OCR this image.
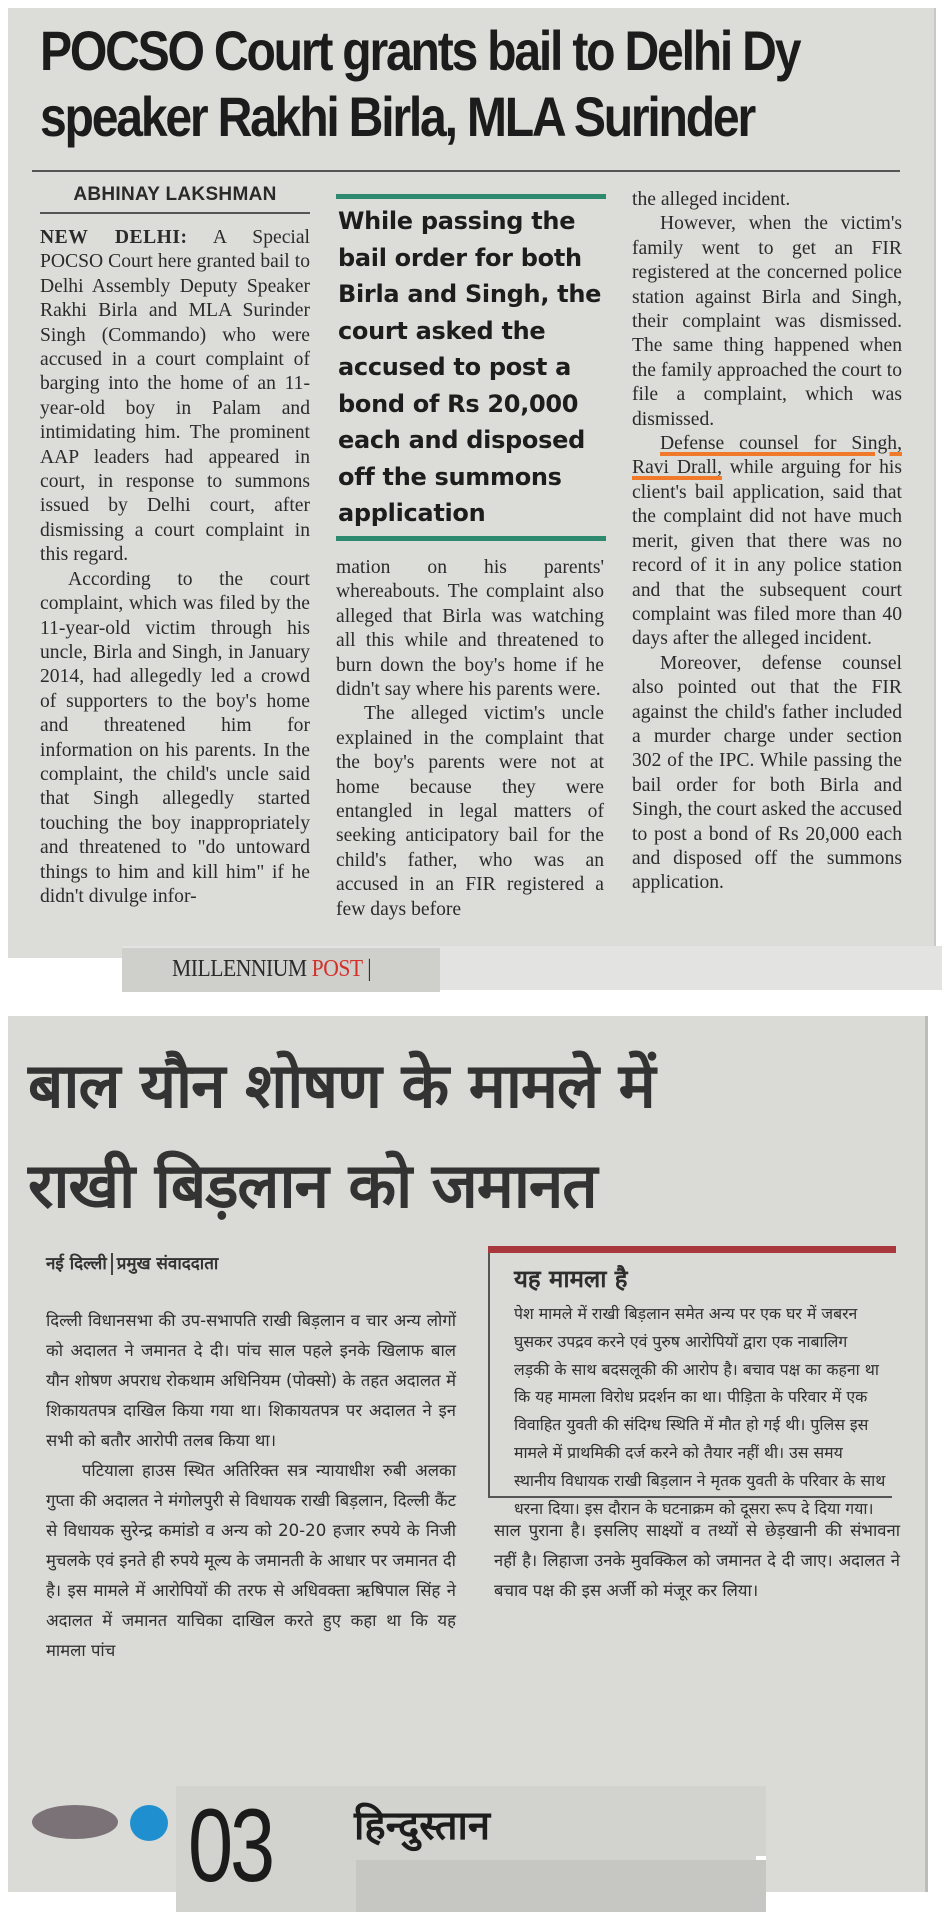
POCSO Court grants bail to Delhi Dy
speaker Rakhi Birla, MLA Surinder
ABHINAY LAKSHMAN

NEW DELHI: A Special POCSO Court here granted bail to Delhi Assembly Deputy Speaker Rakhi Birla and MLA Surinder Singh (Commando) who were accused in a court complaint of barging into the home of an 11-year-old boy in Palam and intimidating him. The prominent AAP leaders had appeared in court, in response to summons issued by Delhi court, after dismissing a court complaint in this regard.

According to the court complaint, which was filed by the 11-year-old victim through his uncle, Birla and Singh, in January 2014, had allegedly led a crowd of supporters to the boy's home and threatened him for information on his parents. In the complaint, the child's uncle said that Singh allegedly started touching the boy inappropriately and threatened to "do untoward things to him and kill him" if he didn't divulge infor-

While passing the bail order for both Birla and Singh, the court asked the accused to post a bond of Rs 20,000 each and disposed off the summons application

mation on his parents' whereabouts. The complaint also alleged that Birla was watching all this while and threatened to burn down the boy's home if he didn't say where his parents were.

The alleged victim's uncle explained in the complaint that the boy's parents were not at home because they were entangled in legal matters of seeking anticipatory bail for the child's father, who was an accused in an FIR registered a few days before

the alleged incident.

However, when the victim's family went to get an FIR registered at the concerned police station against Birla and Singh, their complaint was dismissed. The same thing happened when the family approached the court to file a complaint, which was dismissed.

Defense counsel for Singh, Ravi Drall, while arguing for his client's bail application, said that the complaint did not have much merit, given that there was no record of it in any police station and that the subsequent court complaint was filed more than 40 days after the alleged incident.

Moreover, defense counsel also pointed out that the FIR against the child's father included a murder charge under section 302 of the IPC. While passing the bail order for both Birla and Singh, the court asked the accused to post a bond of Rs 20,000 each and disposed off the summons application.

MILLENNIUM POST |
बाल यौन शोषण के मामले में
राखी बिड़लान को जमानत
नई दिल्ली प्रमुख संवाददाता

दिल्ली विधानसभा की उप-सभापति राखी बिड़लान व चार अन्य लोगों को अदालत ने जमानत दे दी। पांच साल पहले इनके खिलाफ बाल यौन शोषण अपराध रोकथाम अधिनियम (पोक्सो) के तहत अदालत में शिकायतपत्र दाखिल किया गया था। शिकायतपत्र पर अदालत ने इन सभी को बतौर आरोपी तलब किया था।

पटियाला हाउस स्थित अतिरिक्त सत्र न्यायाधीश रुबी अलका गुप्ता की अदालत ने मंगोलपुरी से विधायक राखी बिड़लान, दिल्ली कैंट से विधायक सुरेन्द्र कमांडो व अन्य को 20-20 हजार रुपये के निजी मुचलके एवं इनते ही रुपये मूल्य के जमानती के आधार पर जमानत दी है। इस मामले में आरोपियों की तरफ से अधिवक्ता ऋषिपाल सिंह ने अदालत में जमानत याचिका दाखिल करते हुए कहा था कि यह मामला पांच

यह मामला है
पेश मामले में राखी बिड़लान समेत अन्य पर एक घर में जबरन घुसकर उपद्रव करने एवं पुरुष आरोपियों द्वारा एक नाबालिग लड़की के साथ बदसलूकी की आरोप है। बचाव पक्ष का कहना था कि यह मामला विरोध प्रदर्शन का था। पीड़िता के परिवार में एक विवाहित युवती की संदिग्ध स्थिति में मौत हो गई थी। पुलिस इस मामले में प्राथमिकी दर्ज करने को तैयार नहीं थी। उस समय स्थानीय विधायक राखी बिड़लान ने मृतक युवती के परिवार के साथ धरना दिया। इस दौरान के घटनाक्रम को दूसरा रूप दे दिया गया।

साल पुराना है। इसलिए साक्ष्यों व तथ्यों से छेड़खानी की संभावना नहीं है। लिहाजा उनके मुवक्किल को जमानत दे दी जाए। अदालत ने बचाव पक्ष की इस अर्जी को मंजूर कर लिया।

03 हिन्दुस्तान
